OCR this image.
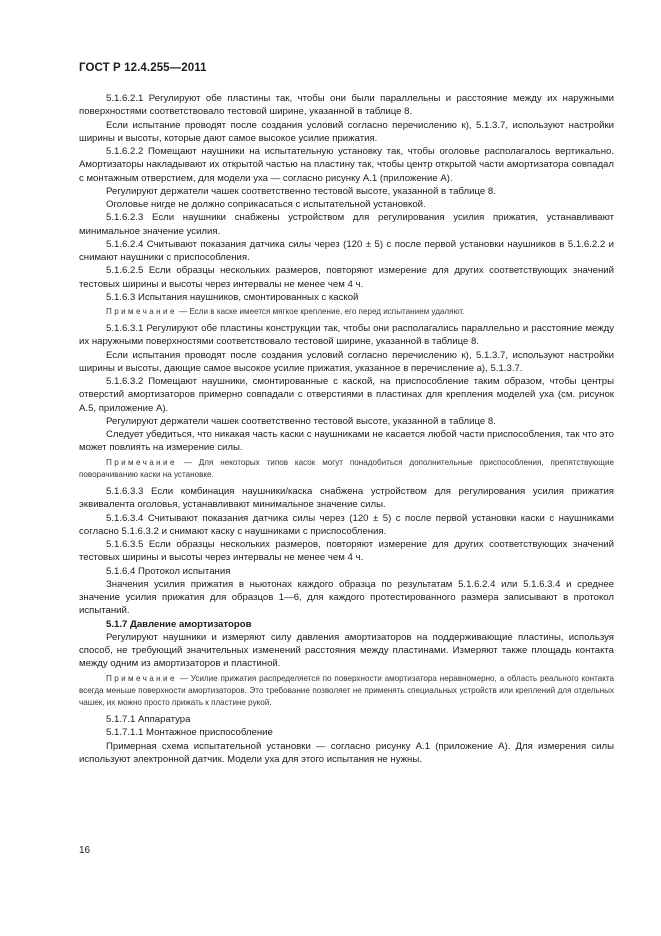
ГОСТ Р 12.4.255—2011

5.1.6.2.1 Регулируют обе пластины так, чтобы они были параллельны и расстояние между их наружными поверхностями соответствовало тестовой ширине, указанной в таблице 8.

Если испытание проводят после создания условий согласно перечислению к), 5.1.3.7, используют настройки ширины и высоты, которые дают самое высокое усилие прижатия.

5.1.6.2.2 Помещают наушники на испытательную установку так, чтобы оголовье располагалось вертикально. Амортизаторы накладывают их открытой частью на пластину так, чтобы центр открытой части амортизатора совпадал с монтажным отверстием, для модели уха — согласно рисунку А.1 (приложение А).

Регулируют держатели чашек соответственно тестовой высоте, указанной в таблице 8.

Оголовье нигде не должно соприкасаться с испытательной установкой.

5.1.6.2.3 Если наушники снабжены устройством для регулирования усилия прижатия, устанавливают минимальное значение усилия.

5.1.6.2.4 Считывают показания датчика силы через (120 ± 5) с после первой установки наушников в 5.1.6.2.2 и снимают наушники с приспособления.

5.1.6.2.5 Если образцы нескольких размеров, повторяют измерение для других соответствующих значений тестовых ширины и высоты через интервалы не менее чем 4 ч.

5.1.6.3 Испытания наушников, смонтированных с каской

Примечание — Если в каске имеется мягкое крепление, его перед испытанием удаляют.

5.1.6.3.1 Регулируют обе пластины конструкции так, чтобы они располагались параллельно и расстояние между их наружными поверхностями соответствовало тестовой ширине, указанной в таблице 8.

Если испытания проводят после создания условий согласно перечислению к), 5.1.3.7, используют настройки ширины и высоты, дающие самое высокое усилие прижатия, указанное в перечисление а), 5.1.3.7.

5.1.6.3.2 Помещают наушники, смонтированные с каской, на приспособление таким образом, чтобы центры отверстий амортизаторов примерно совпадали с отверстиями в пластинах для крепления моделей уха (см. рисунок А.5, приложение А).

Регулируют держатели чашек соответственно тестовой высоте, указанной в таблице 8.

Следует убедиться, что никакая часть каски с наушниками не касается любой части приспособления, так что это может повлиять на измерение силы.

Примечание — Для некоторых типов касок могут понадобиться дополнительные приспособления, препятствующие поворачиванию каски на установке.

5.1.6.3.3 Если комбинация наушники/каска снабжена устройством для регулирования усилия прижатия эквивалента оголовья, устанавливают минимальное значение силы.

5.1.6.3.4 Считывают показания датчика силы через (120 ± 5) с после первой установки каски с наушниками согласно 5.1.6.3.2 и снимают каску с наушниками с приспособления.

5.1.6.3.5 Если образцы нескольких размеров, повторяют измерение для других соответствующих значений тестовых ширины и высоты через интервалы не менее чем 4 ч.

5.1.6.4 Протокол испытания

Значения усилия прижатия в ньютонах каждого образца по результатам 5.1.6.2.4 или 5.1.6.3.4 и среднее значение усилия прижатия для образцов 1—6, для каждого протестированного размера записывают в протокол испытаний.

5.1.7 Давление амортизаторов

Регулируют наушники и измеряют силу давления амортизаторов на поддерживающие пластины, используя способ, не требующий значительных изменений расстояния между пластинами. Измеряют также площадь контакта между одним из амортизаторов и пластиной.

Примечание — Усилие прижатия распределяется по поверхности амортизатора неравномерно, а область реального контакта всегда меньше поверхности амортизаторов. Это требование позволяет не применять специальных устройств или креплений для отдельных чашек, их можно просто прижать к пластине рукой.

5.1.7.1 Аппаратура

5.1.7.1.1 Монтажное приспособление

Примерная схема испытательной установки — согласно рисунку А.1 (приложение А). Для измерения силы используют электронной датчик. Модели уха для этого испытания не нужны.

16
